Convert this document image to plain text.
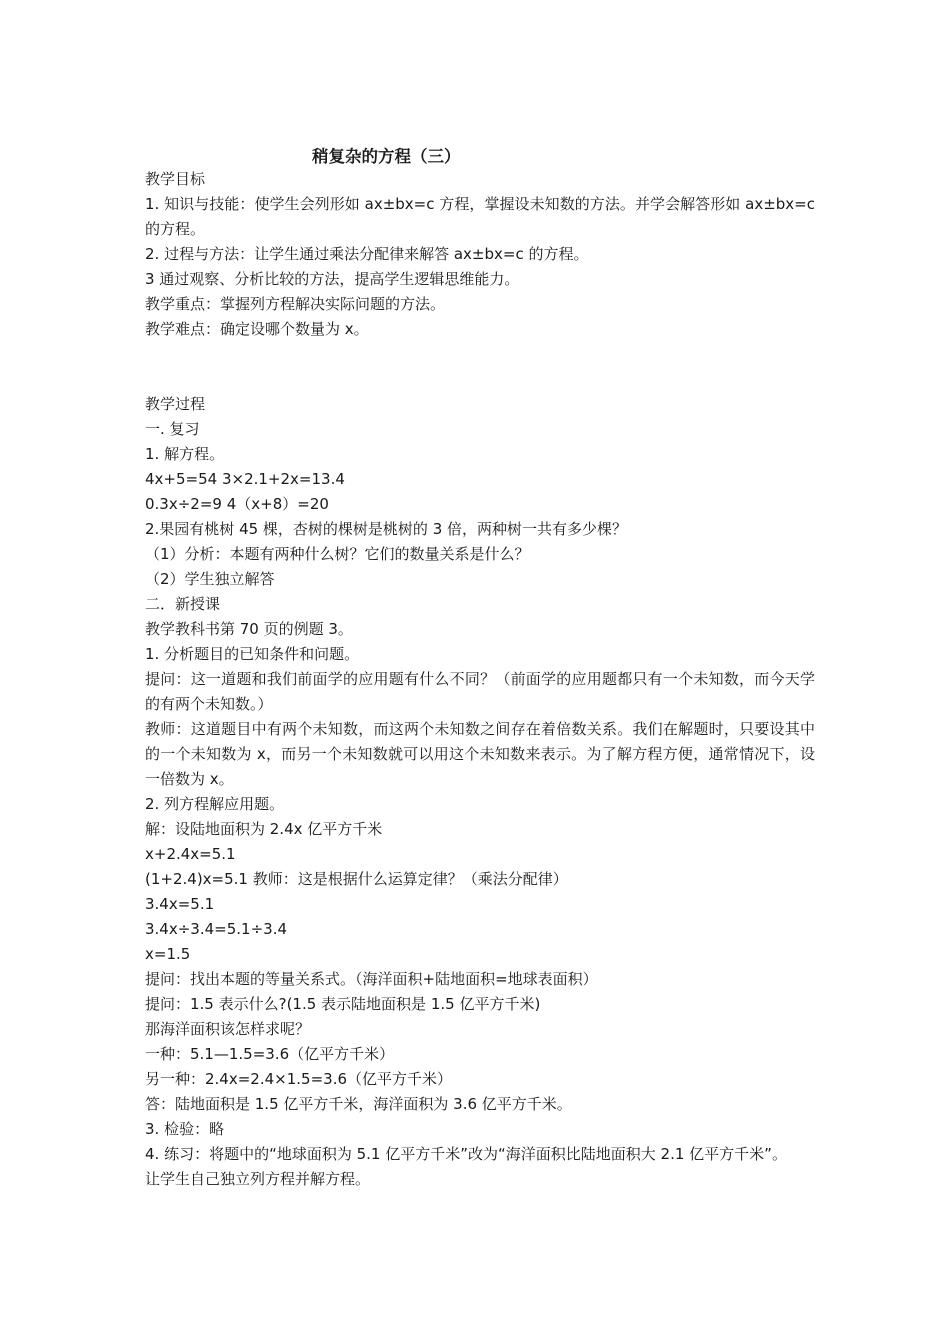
稍复杂的方程（三）
教学目标
1. 知识与技能：使学生会列形如 ax±bx=c 方程，掌握设未知数的方法。并学会解答形如 ax±bx=c 的方程。
2. 过程与方法：让学生通过乘法分配律来解答 ax±bx=c 的方程。
3 通过观察、分析比较的方法，提高学生逻辑思维能力。
教学重点：掌握列方程解决实际问题的方法。
教学难点：确定设哪个数量为 x。
教学过程
一. 复习
1. 解方程。
4x+5=54 3×2.1+2x=13.4
0.3x÷2=9 4（x+8）=20
2.果园有桃树 45 棵，杏树的棵树是桃树的 3 倍，两种树一共有多少棵？
（1）分析：本题有两种什么树？它们的数量关系是什么？
（2）学生独立解答
二．新授课
教学教科书第 70 页的例题 3。
1. 分析题目的已知条件和问题。
提问：这一道题和我们前面学的应用题有什么不同？（前面学的应用题都只有一个未知数，而今天学的有两个未知数。）
教师：这道题目中有两个未知数，而这两个未知数之间存在着倍数关系。我们在解题时，只要设其中的一个未知数为 x，而另一个未知数就可以用这个未知数来表示。为了解方程方便，通常情况下，设一倍数为 x。
2. 列方程解应用题。
解：设陆地面积为 2.4x 亿平方千米
x+2.4x=5.1
(1+2.4)x=5.1 教师：这是根据什么运算定律？（乘法分配律）
3.4x=5.1
3.4x÷3.4=5.1÷3.4
x=1.5
提问：找出本题的等量关系式。（海洋面积+陆地面积=地球表面积）
提问：1.5 表示什么?(1.5 表示陆地面积是 1.5 亿平方千米)
那海洋面积该怎样求呢？
一种：5.1—1.5=3.6（亿平方千米）
另一种：2.4x=2.4×1.5=3.6（亿平方千米）
答：陆地面积是 1.5 亿平方千米，海洋面积为 3.6 亿平方千米。
3. 检验：略
4. 练习：将题中的“地球面积为 5.1 亿平方千米”改为“海洋面积比陆地面积大 2.1 亿平方千米”。
让学生自己独立列方程并解方程。
